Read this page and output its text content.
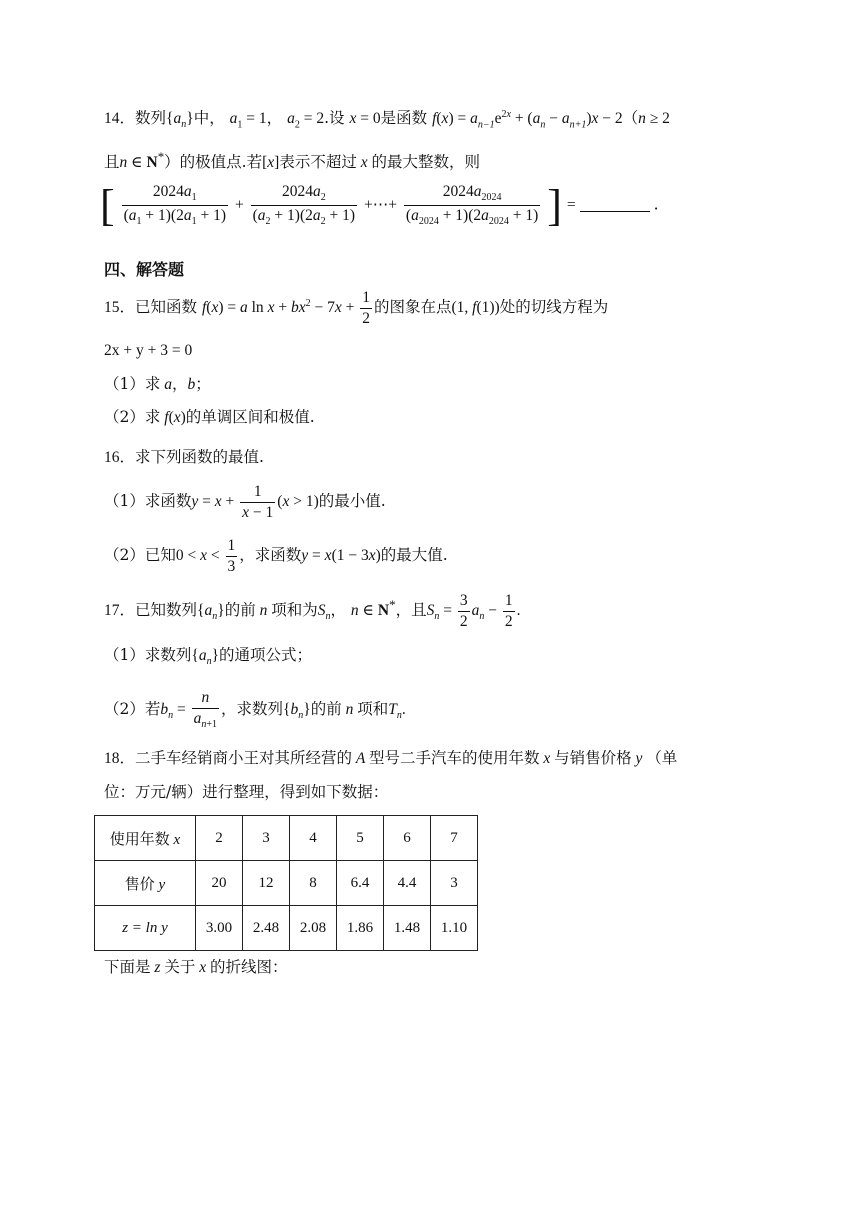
14．数列$\{a_n\}$中， $a_1 = 1$， $a_2 = 2$.设 x = 0是函数 $f(x) = a_{n-1}e^{2x} + (a_n - a_{n+1})x - 2(n \ge 2$
且n ∈ N*）的极值点.若[x]表示不超过 x 的最大整数，则
[ $\frac{2024a_1}{(a_1 + 1)(2a_1 + 1)} + \frac{2024a_2}{(a_2 + 1)(2a_2 + 1)}$ +⋯+ $\frac{2024a_{2024}}{(a_{2024} + 1)(2a_{2024} + 1)}$ ] =	.
四、解答题
15．已知函数 f(x) = a $\ln x + bx^2 - 7x + \frac{1}{2}$ 的图象在点(1, f(1))处的切线方程为
2x + y + 3 = 0
（1）求 a，b；
（2）求 f(x)的单调区间和极值.
16．求下列函数的最值.
（1）求函数$y = x + \frac{1}{x - 1} (x > 1)$的最小值.
（2）已知$0 < x < \frac{1}{3}$ ，求函数y = x(1 − 3x)的最大值.
17．已知数列$\{a_n\}$的前 n 项和为$S_n$， n ∈ N*，且$S_n = \frac{3}{2} a_n - \frac{1}{2}$ .
（1）求数列$\{a_n\}$的通项公式；
（2）若$b_n = \frac{n}{a_{n+1}}$ ，求数列$\{b_n\}$的前 n 项和$T_n$.
18．二手车经销商小王对其所经营的 A 型号二手汽车的使用年数 x 与销售价格 y （单
位：万元/辆）进行整理，得到如下数据：
使用年数 x	2	3	4	5	6	7
售价 y	20	12	8	6.4	4.4	3
z = ln y	3.00	2.48	2.08	1.86	1.48	1.10
下面是 z 关于 x 的折线图：
